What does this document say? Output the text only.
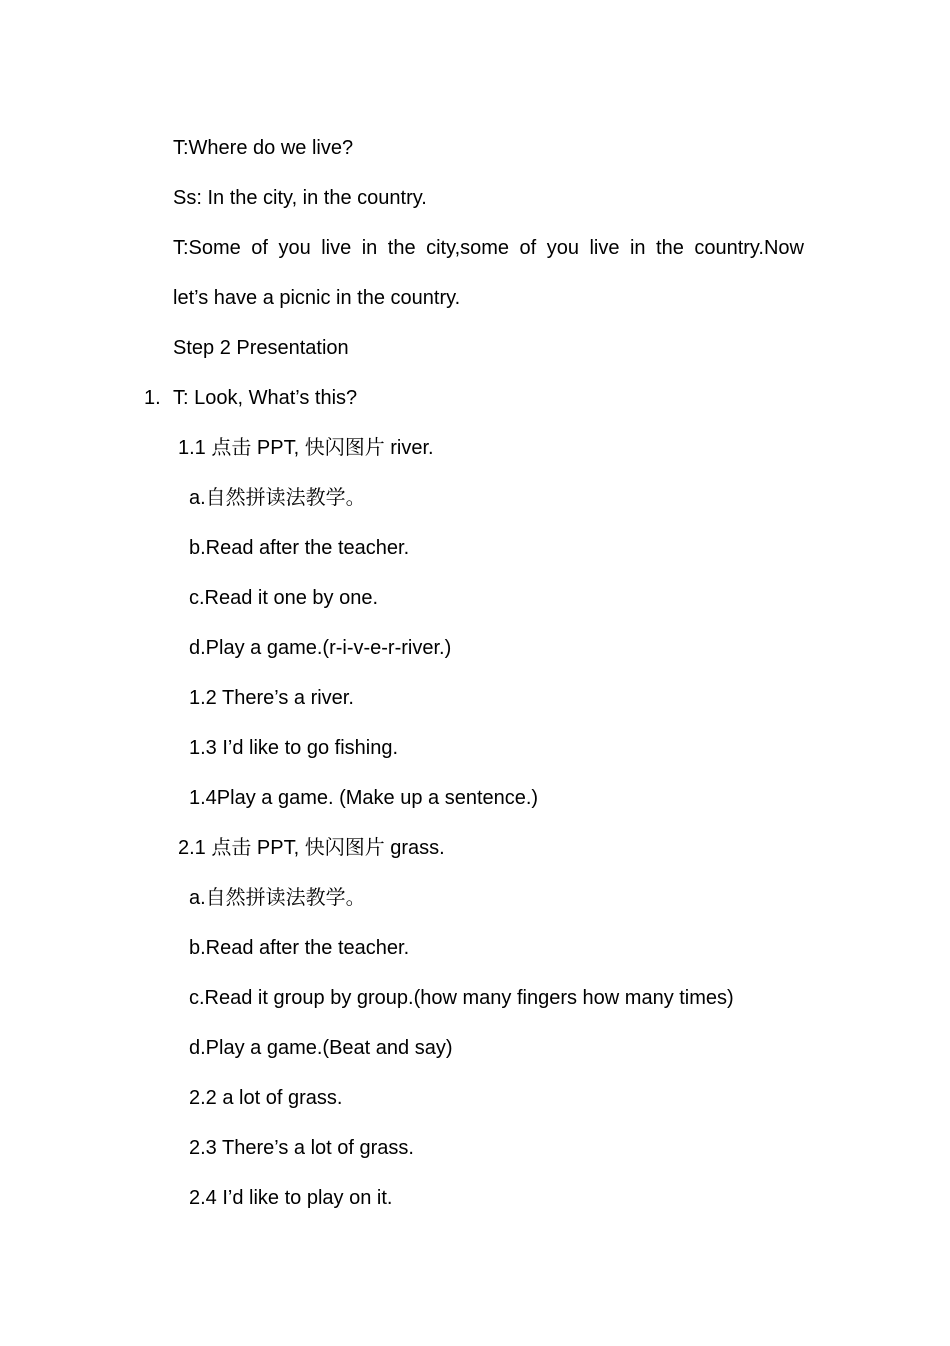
T:Where do we live?
Ss: In the city, in the country.
T:Some of you live in the city,some of you live in the country.Now
let’s have a picnic in the country.
Step 2 Presentation
1. T: Look, What’s this?
1.1 点击 PPT, 快闪图片 river.
a.自然拼读法教学。
b.Read after the teacher.
c.Read it one by one.
d.Play a game.(r-i-v-e-r-river.)
1.2 There’s a river.
1.3 I’d like to go fishing.
1.4Play a game. (Make up a sentence.)
2.1 点击 PPT, 快闪图片 grass.
a.自然拼读法教学。
b.Read after the teacher.
c.Read it group by group.(how many fingers how many times)
d.Play a game.(Beat and say)
2.2 a lot of grass.
2.3 There’s a lot of grass.
2.4 I’d like to play on it.
